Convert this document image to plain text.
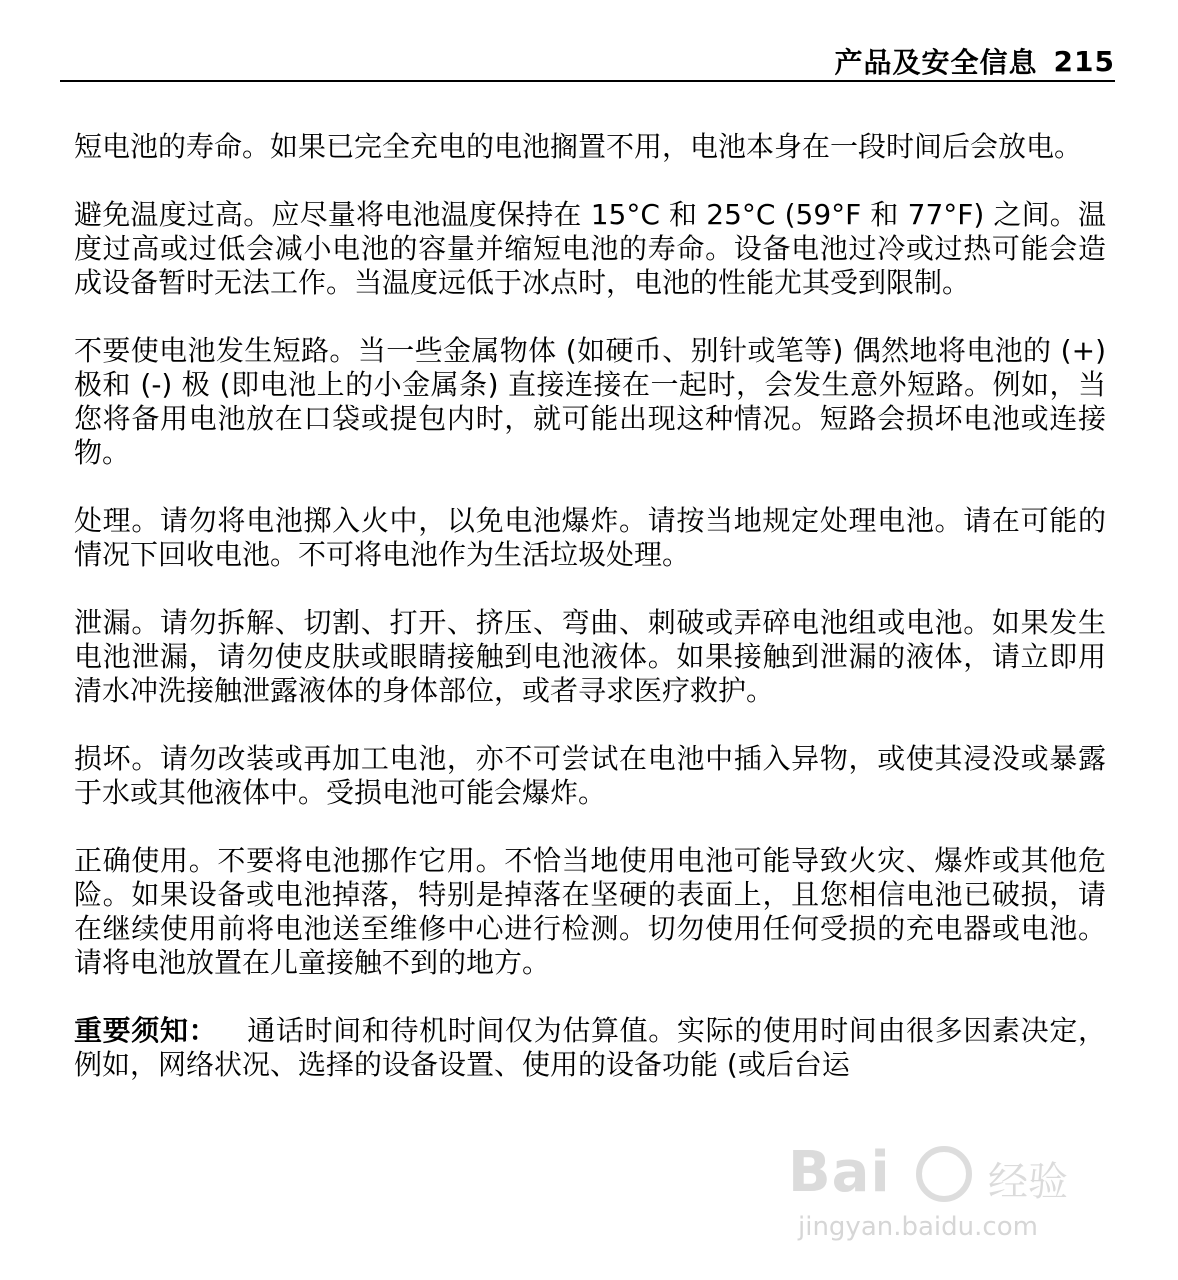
产品及安全信息 215

短电池的寿命。如果已完全充电的电池搁置不用，电池本身在一段时间后会放电。

避免温度过高。应尽量将电池温度保持在 15°C 和 25°C (59°F 和 77°F) 之间。温度过高或过低会减小电池的容量并缩短电池的寿命。设备电池过冷或过热可能会造成设备暂时无法工作。当温度远低于冰点时，电池的性能尤其受到限制。

不要使电池发生短路。当一些金属物体 (如硬币、别针或笔等) 偶然地将电池的 (+) 极和 (-) 极 (即电池上的小金属条) 直接连接在一起时，会发生意外短路。例如，当您将备用电池放在口袋或提包内时，就可能出现这种情况。短路会损坏电池或连接物。

处理。请勿将电池掷入火中，以免电池爆炸。请按当地规定处理电池。请在可能的情况下回收电池。不可将电池作为生活垃圾处理。

泄漏。请勿拆解、切割、打开、挤压、弯曲、刺破或弄碎电池组或电池。如果发生电池泄漏，请勿使皮肤或眼睛接触到电池液体。如果接触到泄漏的液体，请立即用清水冲洗接触泄露液体的身体部位，或者寻求医疗救护。

损坏。请勿改装或再加工电池，亦不可尝试在电池中插入异物，或使其浸没或暴露于水或其他液体中。受损电池可能会爆炸。

正确使用。不要将电池挪作它用。不恰当地使用电池可能导致火灾、爆炸或其他危险。如果设备或电池掉落，特别是掉落在坚硬的表面上，且您相信电池已破损，请在继续使用前将电池送至维修中心进行检测。切勿使用任何受损的充电器或电池。请将电池放置在儿童接触不到的地方。

重要须知： 通话时间和待机时间仅为估算值。实际的使用时间由很多因素决定，例如，网络状况、选择的设备设置、使用的设备功能 (或后台运

Bai 经验
jingyan.baidu.com
